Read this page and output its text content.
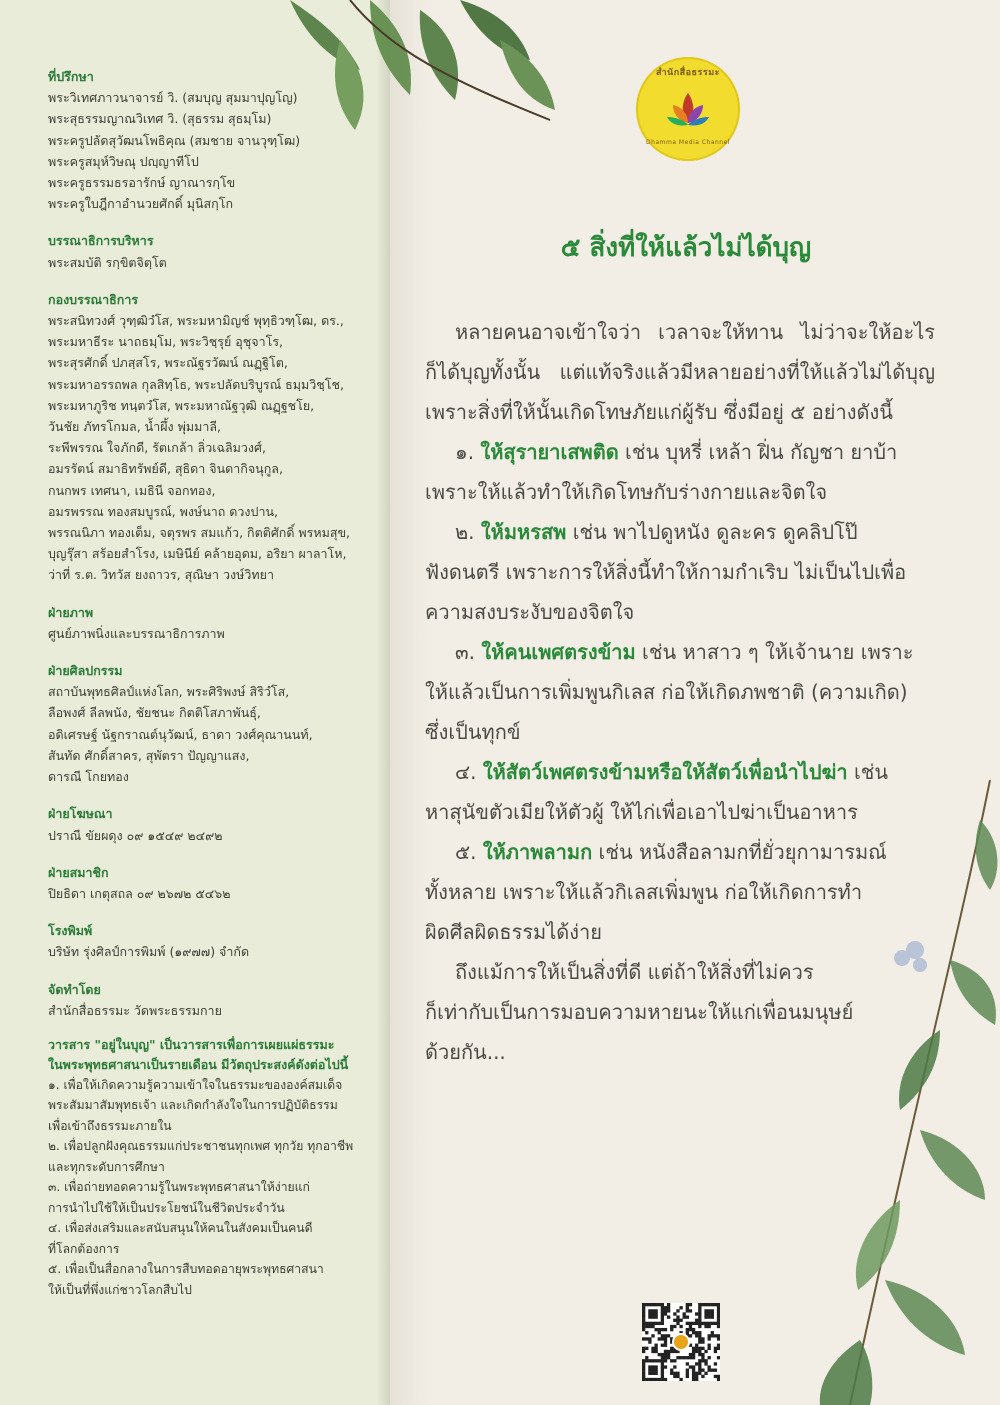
ที่ปรึกษา
พระวิเทศภาวนาจารย์ วิ. (สมบุญ สุมมาปุญโญ)
พระสุธรรมญาณวิเทศ วิ. (สุธรรม สุธมฺโม)
พระครูปลัดสุวัฒนโพธิคุณ (สมชาย จานวุฑฺโฒ)
พระครูสมุห์วิษณุ ปญฺญาทีโป
พระครูธรรมธรอารักษ์ ญาณารกฺโข
พระครูใบฎีกาอำนวยศักดิ์ มุนิสกฺโก
บรรณาธิการบริหาร
พระสมบัติ รกฺขิตจิตฺโต
กองบรรณาธิการ
พระสนิทวงศ์ วุฑฺฒิวํโส, พระมหามิญช์ พุทฺธิวฑฺโฒ, ดร.,
พระมหาธีระ นาถธมฺโม, พระวิชฺรุย์ อุชุจาโร,
พระสุรศักดิ์ ปภสฺสโร, พระณัฐรวัฒน์ ณฏฺฐิโต,
พระมหาอรรถพล กุลสิทฺโธ, พระปลัดบริบูรณ์ ธมฺมวิชฺโช,
พระมหาภูริช ทนฺตวํโส, พระมหาณัฐวุฒิ ณฏฺฐชโย,
วันชัย ภัทรโกมล, น้ำผึ้ง พุ่มมาลี,
ระพีพรรณ ใจภักดี, รัตเกล้า ลิ่วเฉลิมวงศ์,
อมรรัตน์ สมาธิทรัพย์ดี, สุธิดา จินดากิจนุกูล,
กนกพร เทศนา, เมธินี จอกทอง,
อมรพรรณ ทองสมบูรณ์, พงษ์นาถ ดวงปาน,
พรรณนิภา ทองเต็ม, จตุรพร สมแก้ว, กิตติศักดิ์ พรหมสุข,
บุญรุ๊สา สร้อยสำโรง, เมษินีย์ คล้ายอุดม, อริยา ผาลาโห,
ว่าที่ ร.ต. วิทวัส ยงถาวร, สุณิษา วงษ์วิทยา
ฝ่ายภาพ
ศูนย์ภาพนิ่งและบรรณาธิการภาพ
ฝ่ายศิลปกรรม
สถาบันพุทธศิลป์แห่งโลก, พระศิริพงษ์ สิริวํโส,
ลือพงศ์ ลีลพนัง, ชัยชนะ กิตติโสภาพันธุ์,
อดิเศรษฐ์ นัฐกราณต์นุวัฒน์, ธาดา วงศ์คุณานนท์,
สันทัด ศักดิ์สาคร, สุพัตรา ปัญญาแสง,
ดารณี โกยทอง
ฝ่ายโฆษณา
ปราณี ขัยผดุง ๐๙ ๑๕๔๙ ๒๔๙๒
ฝ่ายสมาชิก
ปิยธิดา เกตุสถล ๐๙ ๒๖๗๒ ๕๔๖๒
โรงพิมพ์
บริษัท รุ่งศิลป์การพิมพ์ (๑๙๗๗) จำกัด
จัดทำโดย
สำนักสื่อธรรมะ วัดพระธรรมกาย
วารสาร "อยู่ในบุญ" เป็นวารสารเพื่อการเผยแผ่ธรรมะ
ในพระพุทธศาสนาเป็นรายเดือน มีวัตถุประสงค์ดังต่อไปนี้
๑. เพื่อให้เกิดความรู้ความเข้าใจในธรรมะขององค์สมเด็จ
พระสัมมาสัมพุทธเจ้า และเกิดกำลังใจในการปฏิบัติธรรม
เพื่อเข้าถึงธรรมะภายใน
๒. เพื่อปลูกฝังคุณธรรมแก่ประชาชนทุกเพศ ทุกวัย ทุกอาชีพ
และทุกระดับการศึกษา
๓. เพื่อถ่ายทอดความรู้ในพระพุทธศาสนาให้ง่ายแก่
การนำไปใช้ให้เป็นประโยชน์ในชีวิตประจำวัน
๔. เพื่อส่งเสริมและสนับสนุนให้คนในสังคมเป็นคนดี
ที่โลกต้องการ
๕. เพื่อเป็นสื่อกลางในการสืบทอดอายุพระพุทธศาสนา
ให้เป็นที่พึ่งแก่ชาวโลกสืบไป
สำนักสื่อธรรมะ
Dhamma Media Channel
๕ สิ่งที่ให้แล้วไม่ได้บุญ
หลายคนอาจเข้าใจว่า เวลาจะให้ทาน ไม่ว่าจะให้อะไร
ก็ได้บุญทั้งนั้น แต่แท้จริงแล้วมีหลายอย่างที่ให้แล้วไม่ได้บุญ
เพราะสิ่งที่ให้นั้นเกิดโทษภัยแก่ผู้รับ ซึ่งมีอยู่ ๕ อย่างดังนี้
๑. ให้สุรายาเสพติด เช่น บุหรี่ เหล้า ฝิ่น กัญชา ยาบ้า
เพราะให้แล้วทำให้เกิดโทษกับร่างกายและจิตใจ
๒. ให้มหรสพ เช่น พาไปดูหนัง ดูละคร ดูคลิปโป๊
ฟังดนตรี เพราะการให้สิ่งนี้ทำให้กามกำเริบ ไม่เป็นไปเพื่อ
ความสงบระงับของจิตใจ
๓. ให้คนเพศตรงข้าม เช่น หาสาว ๆ ให้เจ้านาย เพราะ
ให้แล้วเป็นการเพิ่มพูนกิเลส ก่อให้เกิดภพชาติ (ความเกิด)
ซึ่งเป็นทุกข์
๔. ให้สัตว์เพศตรงข้ามหรือให้สัตว์เพื่อนำไปฆ่า เช่น
หาสุนัขตัวเมียให้ตัวผู้ ให้ไก่เพื่อเอาไปฆ่าเป็นอาหาร
๕. ให้ภาพลามก เช่น หนังสือลามกที่ยั่วยุกามารมณ์
ทั้งหลาย เพราะให้แล้วกิเลสเพิ่มพูน ก่อให้เกิดการทำ
ผิดศีลผิดธรรมได้ง่าย
ถึงแม้การให้เป็นสิ่งที่ดี แต่ถ้าให้สิ่งที่ไม่ควร
ก็เท่ากับเป็นการมอบความหายนะให้แก่เพื่อนมนุษย์
ด้วยกัน...
